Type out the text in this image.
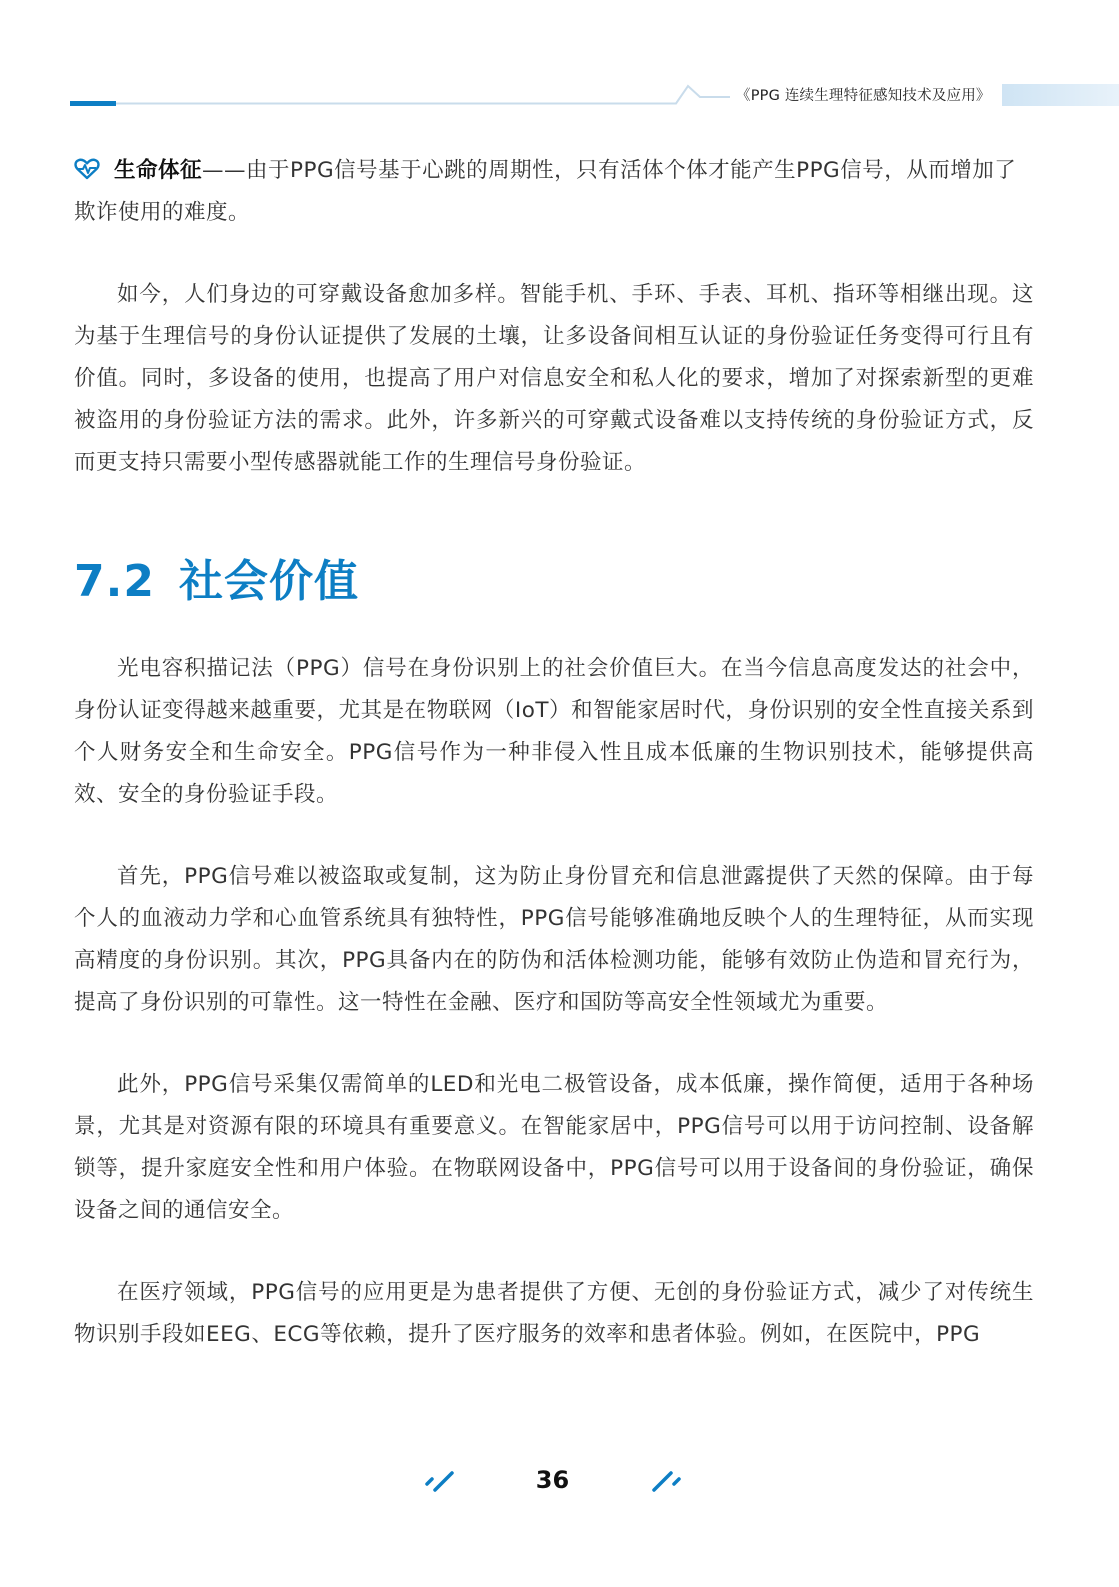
《PPG 连续生理特征感知技术及应用》

生命体征——由于PPG信号基于心跳的周期性，只有活体个体才能产生PPG信号，从而增加了欺诈使用的难度。

如今，人们身边的可穿戴设备愈加多样。智能手机、手环、手表、耳机、指环等相继出现。这为基于生理信号的身份认证提供了发展的土壤，让多设备间相互认证的身份验证任务变得可行且有价值。同时，多设备的使用，也提高了用户对信息安全和私人化的要求，增加了对探索新型的更难被盗用的身份验证方法的需求。此外，许多新兴的可穿戴式设备难以支持传统的身份验证方式，反而更支持只需要小型传感器就能工作的生理信号身份验证。

7.2 社会价值

光电容积描记法（PPG）信号在身份识别上的社会价值巨大。在当今信息高度发达的社会中，身份认证变得越来越重要，尤其是在物联网（IoT）和智能家居时代，身份识别的安全性直接关系到个人财务安全和生命安全。PPG信号作为一种非侵入性且成本低廉的生物识别技术，能够提供高效、安全的身份验证手段。

首先，PPG信号难以被盗取或复制，这为防止身份冒充和信息泄露提供了天然的保障。由于每个人的血液动力学和心血管系统具有独特性，PPG信号能够准确地反映个人的生理特征，从而实现高精度的身份识别。其次，PPG具备内在的防伪和活体检测功能，能够有效防止伪造和冒充行为，提高了身份识别的可靠性。这一特性在金融、医疗和国防等高安全性领域尤为重要。

此外，PPG信号采集仅需简单的LED和光电二极管设备，成本低廉，操作简便，适用于各种场景，尤其是对资源有限的环境具有重要意义。在智能家居中，PPG信号可以用于访问控制、设备解锁等，提升家庭安全性和用户体验。在物联网设备中，PPG信号可以用于设备间的身份验证，确保设备之间的通信安全。

在医疗领域，PPG信号的应用更是为患者提供了方便、无创的身份验证方式，减少了对传统生物识别手段如EEG、ECG等依赖，提升了医疗服务的效率和患者体验。例如，在医院中，PPG

36
